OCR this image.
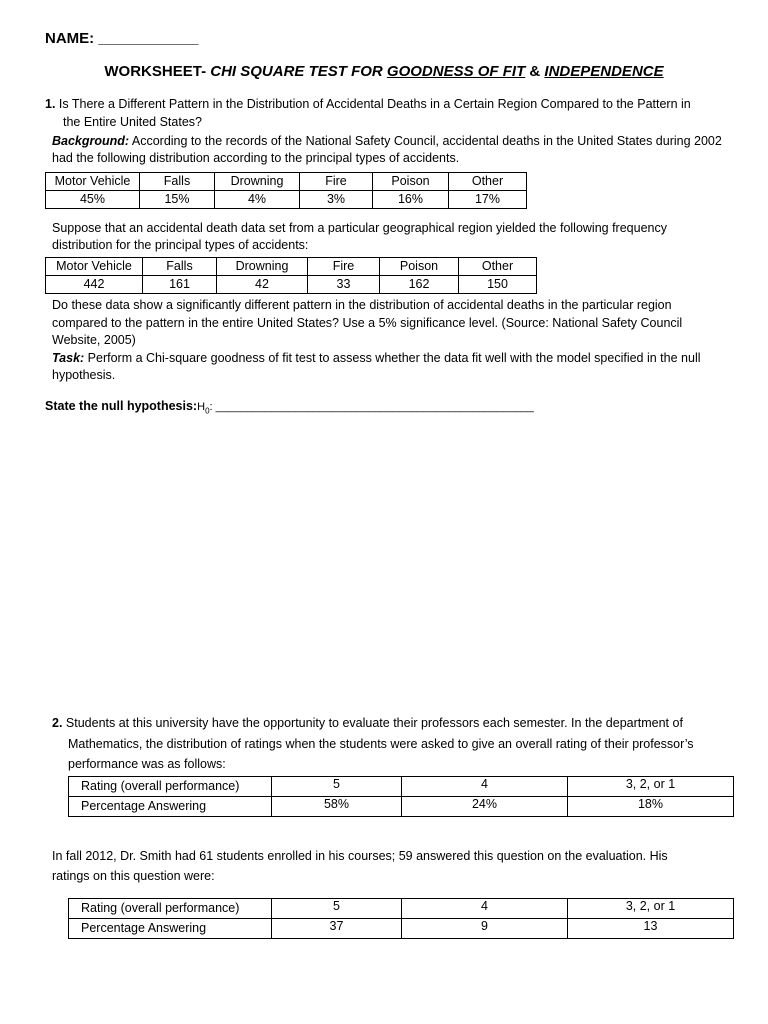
NAME: ____________
WORKSHEET- CHI SQUARE TEST FOR GOODNESS OF FIT & INDEPENDENCE
1. Is There a Different Pattern in the Distribution of Accidental Deaths in a Certain Region Compared to the Pattern in
the Entire United States?
Background: According to the records of the National Safety Council, accidental deaths in the United States during 2002
had the following distribution according to the principal types of accidents.
Motor Vehicle	Falls	Drowning	Fire	Poison	Other
45%	15%	4%	3%	16%	17%
Suppose that an accidental death data set from a particular geographical region yielded the following frequency
distribution for the principal types of accidents:
Motor Vehicle	Falls	Drowning	Fire	Poison	Other
442	161	42	33	162	150
Do these data show a significantly different pattern in the distribution of accidental deaths in the particular region
compared to the pattern in the entire United States? Use a 5% significance level. (Source: National Safety Council
Website, 2005)
Task: Perform a Chi-square goodness of fit test to assess whether the data fit well with the model specified in the null
hypothesis.
State the null $hypothesis:H_0$: ____________________________________________________
2. Students at this university have the opportunity to evaluate their professors each semester. In the department of
Mathematics, the distribution of ratings when the students were asked to give an overall rating of their professor’s
performance was as follows:
Rating (overall performance)	5	4	3, 2, or 1
Percentage Answering	58%	24%	18%
In fall 2012, Dr. Smith had 61 students enrolled in his courses; 59 answered this question on the evaluation. His
ratings on this question were:
Rating (overall performance)	5	4	3, 2, or 1
Percentage Answering	37	9	13
